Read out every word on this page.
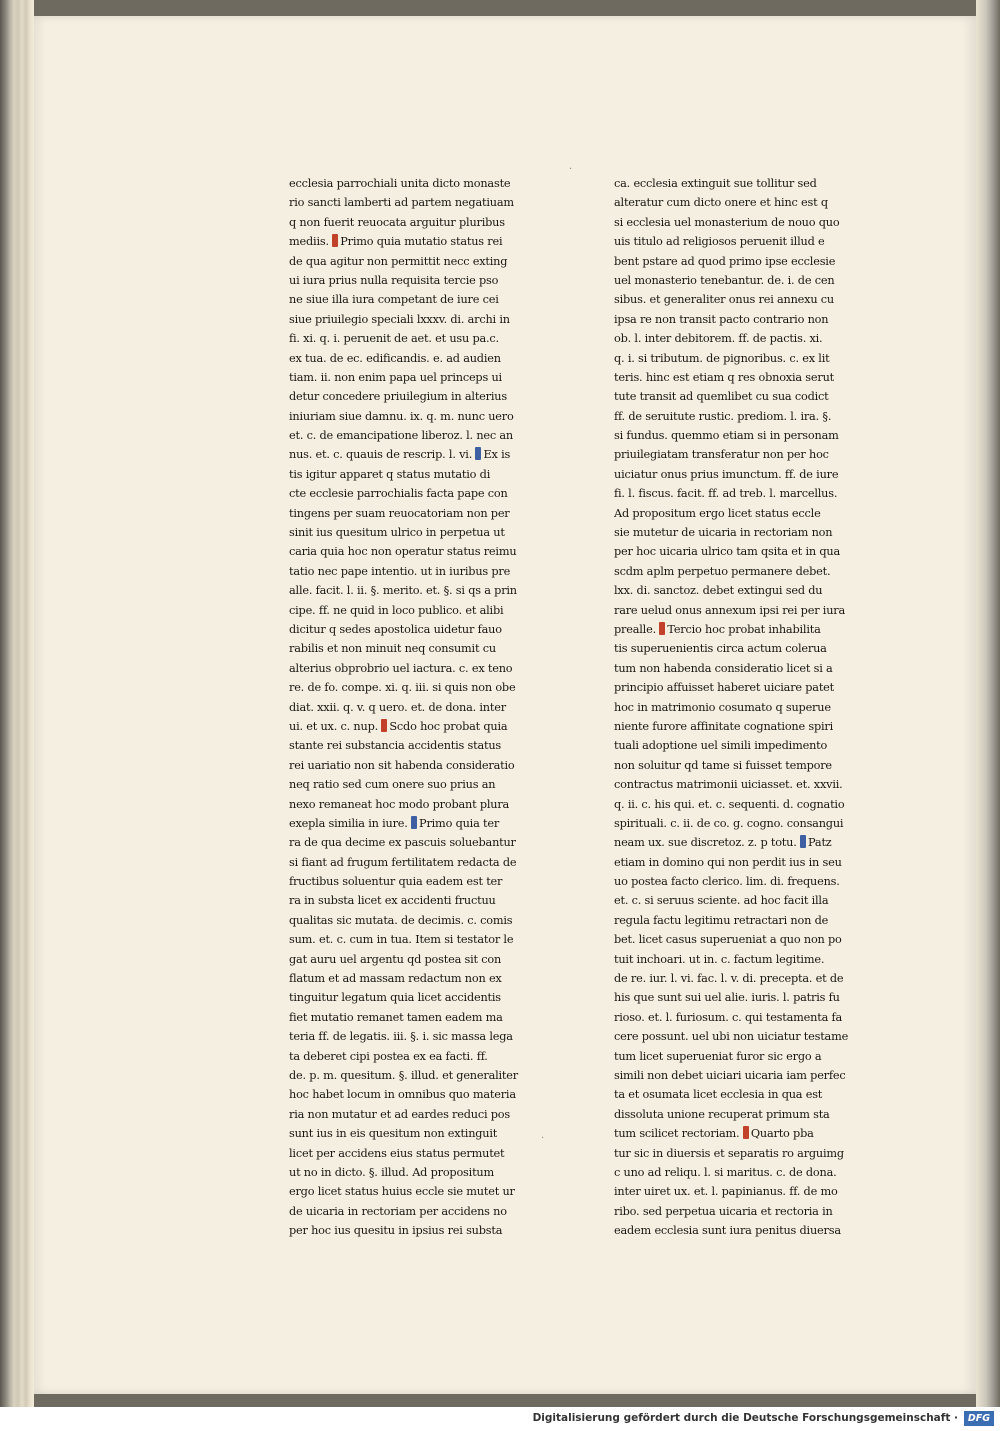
·
·
ecclesia parrochiali unita dicto monaste
rio sancti lamberti ad partem negatiuam
q non fuerit reuocata arguitur pluribus
mediis. Primo quia mutatio status rei
de qua agitur non permittit necc exting
ui iura prius nulla requisita tercie pso
ne siue illa iura competant de iure cei
siue priuilegio speciali lxxxv. di. archi in
fi. xi. q. i. peruenit de aet. et usu pa.c.
ex tua. de ec. edificandis. e. ad audien
tiam. ii. non enim papa uel princeps ui
detur concedere priuilegium in alterius
iniuriam siue damnu. ix. q. m. nunc uero
et. c. de emancipatione liberoz. l. nec an
nus. et. c. quauis de rescrip. l. vi. Ex is
tis igitur apparet q status mutatio di
cte ecclesie parrochialis facta pape con
tingens per suam reuocatoriam non per
sinit ius quesitum ulrico in perpetua ut
caria quia hoc non operatur status reimu
tatio nec pape intentio. ut in iuribus pre
alle. facit. l. ii. §. merito. et. §. si qs a prin
cipe. ff. ne quid in loco publico. et alibi
dicitur q sedes apostolica uidetur fauo
rabilis et non minuit neq consumit cu
alterius obprobrio uel iactura. c. ex teno
re. de fo. compe. xi. q. iii. si quis non obe
diat. xxii. q. v. q uero. et. de dona. inter
ui. et ux. c. nup. Scdo hoc probat quia
stante rei substancia accidentis status
rei uariatio non sit habenda consideratio
neq ratio sed cum onere suo prius an
nexo remaneat hoc modo probant plura
exepla similia in iure. Primo quia ter
ra de qua decime ex pascuis soluebantur
si fiant ad frugum fertilitatem redacta de
fructibus soluentur quia eadem est ter
ra in substa licet ex accidenti fructuu
qualitas sic mutata. de decimis. c. comis
sum. et. c. cum in tua. Item si testator le
gat auru uel argentu qd postea sit con
flatum et ad massam redactum non ex
tinguitur legatum quia licet accidentis
fiet mutatio remanet tamen eadem ma
teria ff. de legatis. iii. §. i. sic massa lega
ta deberet cipi postea ex ea facti. ff.
de. p. m. quesitum. §. illud. et generaliter
hoc habet locum in omnibus quo materia
ria non mutatur et ad eardes reduci pos
sunt ius in eis quesitum non extinguit
licet per accidens eius status permutet
ut no in dicto. §. illud. Ad propositum
ergo licet status huius eccle sie mutet ur
de uicaria in rectoriam per accidens no
per hoc ius quesitu in ipsius rei substa
ca. ecclesia extinguit sue tollitur sed
alteratur cum dicto onere et hinc est q
si ecclesia uel monasterium de nouo quo
uis titulo ad religiosos peruenit illud e
bent pstare ad quod primo ipse ecclesie
uel monasterio tenebantur. de. i. de cen
sibus. et generaliter onus rei annexu cu
ipsa re non transit pacto contrario non
ob. l. inter debitorem. ff. de pactis. xi.
q. i. si tributum. de pignoribus. c. ex lit
teris. hinc est etiam q res obnoxia serut
tute transit ad quemlibet cu sua codict
ff. de seruitute rustic. prediom. l. ira. §.
si fundus. quemmo etiam si in personam
priuilegiatam transferatur non per hoc
uiciatur onus prius imunctum. ff. de iure
fi. l. fiscus. facit. ff. ad treb. l. marcellus.
Ad propositum ergo licet status eccle
sie mutetur de uicaria in rectoriam non
per hoc uicaria ulrico tam qsita et in qua
scdm aplm perpetuo permanere debet.
lxx. di. sanctoz. debet extingui sed du
rare uelud onus annexum ipsi rei per iura
prealle. Tercio hoc probat inhabilita
tis superuenientis circa actum colerua
tum non habenda consideratio licet si a
principio affuisset haberet uiciare patet
hoc in matrimonio cosumato q superue
niente furore affinitate cognatione spiri
tuali adoptione uel simili impedimento
non soluitur qd tame si fuisset tempore
contractus matrimonii uiciasset. et. xxvii.
q. ii. c. his qui. et. c. sequenti. d. cognatio
spirituali. c. ii. de co. g. cogno. consangui
neam ux. sue discretoz. z. p totu. Patz
etiam in domino qui non perdit ius in seu
uo postea facto clerico. lim. di. frequens.
et. c. si seruus sciente. ad hoc facit illa
regula factu legitimu retractari non de
bet. licet casus superueniat a quo non po
tuit inchoari. ut in. c. factum legitime.
de re. iur. l. vi. fac. l. v. di. precepta. et de
his que sunt sui uel alie. iuris. l. patris fu
rioso. et. l. furiosum. c. qui testamenta fa
cere possunt. uel ubi non uiciatur testame
tum licet superueniat furor sic ergo a
simili non debet uiciari uicaria iam perfec
ta et osumata licet ecclesia in qua est
dissoluta unione recuperat primum sta
tum scilicet rectoriam. Quarto pba
tur sic in diuersis et separatis ro arguimg
c uno ad reliqu. l. si maritus. c. de dona.
inter uiret ux. et. l. papinianus. ff. de mo
ribo. sed perpetua uicaria et rectoria in
eadem ecclesia sunt iura penitus diuersa
Digitalisierung gefördert durch die Deutsche Forschungsgemeinschaft ·	DFG
